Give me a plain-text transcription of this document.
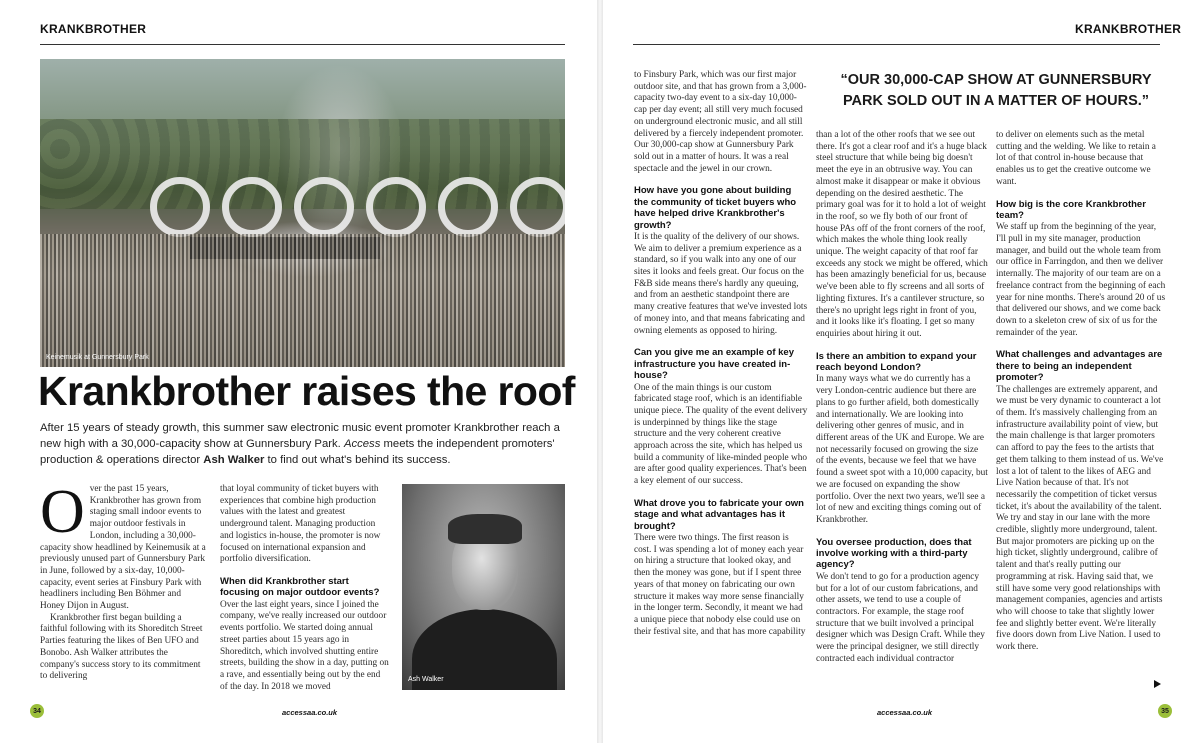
KRANKBROTHER	KRANKBROTHER
Keinemusik at Gunnersbury Park
Krankbrother raises the roof

After 15 years of steady growth, this summer saw electronic music event promoter Krankbrother reach a new high with a 30,000-capacity show at Gunnersbury Park. Access meets the independent promoters' production & operations director Ash Walker to find out what's behind its success.

Over the past 15 years, Krankbrother has grown from staging small indoor events to major outdoor festivals in London, including a 30,000-capacity show headlined by Keinemusik at a previously unused part of Gunnersbury Park in June, followed by a six-day, 10,000-capacity, event series at Finsbury Park with headliners including Ben Böhmer and Honey Dijon in August.

Krankbrother first began building a faithful following with its Shoreditch Street Parties featuring the likes of Ben UFO and Bonobo. Ash Walker attributes the company's success story to its commitment to delivering

that loyal community of ticket buyers with experiences that combine high production values with the latest and greatest underground talent. Managing production and logistics in-house, the promoter is now focused on international expansion and portfolio diversification.

When did Krankbrother start focusing on major outdoor events?

Over the last eight years, since I joined the company, we've really increased our outdoor events portfolio. We started doing annual street parties about 15 years ago in Shoreditch, which involved shutting entire streets, building the show in a day, putting on a rave, and essentially being out by the end of the day. In 2018 we moved

Ash Walker

to Finsbury Park, which was our first major outdoor site, and that has grown from a 3,000-capacity two-day event to a six-day 10,000-cap per day event; all still very much focused on underground electronic music, and all still delivered by a fiercely independent promoter. Our 30,000-cap show at Gunnersbury Park sold out in a matter of hours. It was a real spectacle and the jewel in our crown.

How have you gone about building the community of ticket buyers who have helped drive Krankbrother's growth?

It is the quality of the delivery of our shows. We aim to deliver a premium experience as a standard, so if you walk into any one of our sites it looks and feels great. Our focus on the F&B side means there's hardly any queuing, and from an aesthetic standpoint there are many creative features that we've invested lots of money into, and that means fabricating and owning elements as opposed to hiring.

Can you give me an example of key infrastructure you have created in-house?

One of the main things is our custom fabricated stage roof, which is an identifiable unique piece. The quality of the event delivery is underpinned by things like the stage structure and the very coherent creative approach across the site, which has helped us build a community of like-minded people who are after good quality experiences. That's been a key element of our success.

What drove you to fabricate your own stage and what advantages has it brought?

There were two things. The first reason is cost. I was spending a lot of money each year on hiring a structure that looked okay, and then the money was gone, but if I spent three years of that money on fabricating our own structure it makes way more sense financially in the longer term. Secondly, it meant we had a unique piece that nobody else could use on their festival site, and that has more capability

“OUR 30,000-CAP SHOW AT GUNNERSBURY PARK SOLD OUT IN A MATTER OF HOURS.”

than a lot of the other roofs that we see out there. It's got a clear roof and it's a huge black steel structure that while being big doesn't meet the eye in an obtrusive way. You can almost make it disappear or make it obvious depending on the desired aesthetic. The primary goal was for it to hold a lot of weight in the roof, so we fly both of our front of house PAs off of the front corners of the roof, which makes the whole thing look really unique. The weight capacity of that roof far exceeds any stock we might be offered, which has been amazingly beneficial for us, because we've been able to fly screens and all sorts of lighting fixtures. It's a cantilever structure, so there's no upright legs right in front of you, and it looks like it's floating. I get so many enquiries about hiring it out.

Is there an ambition to expand your reach beyond London?

In many ways what we do currently has a very London-centric audience but there are plans to go further afield, both domestically and internationally. We are looking into delivering other genres of music, and in different areas of the UK and Europe. We are not necessarily focused on growing the size of the events, because we feel that we have found a sweet spot with a 10,000 capacity, but we are focused on expanding the show portfolio. Over the next two years, we'll see a lot of new and exciting things coming out of Krankbrother.

You oversee production, does that involve working with a third-party agency?

We don't tend to go for a production agency but for a lot of our custom fabrications, and other assets, we tend to use a couple of contractors. For example, the stage roof structure that we built involved a principal designer which was Design Craft. While they were the principal designer, we still directly contracted each individual contractor

to deliver on elements such as the metal cutting and the welding. We like to retain a lot of that control in-house because that enables us to get the creative outcome we want.

How big is the core Krankbrother team?

We staff up from the beginning of the year, I'll pull in my site manager, production manager, and build out the whole team from our office in Farringdon, and then we deliver internally. The majority of our team are on a freelance contract from the beginning of each year for nine months. There's around 20 of us that delivered our shows, and we come back down to a skeleton crew of six of us for the remainder of the year.

What challenges and advantages are there to being an independent promoter?

The challenges are extremely apparent, and we must be very dynamic to counteract a lot of them. It's massively challenging from an infrastructure availability point of view, but the main challenge is that larger promoters can afford to pay the fees to the artists that get them talking to them instead of us. We've lost a lot of talent to the likes of AEG and Live Nation because of that. It's not necessarily the competition of ticket versus ticket, it's about the availability of the talent. We try and stay in our lane with the more credible, slightly more underground, talent. But major promoters are picking up on the high ticket, slightly underground, calibre of talent and that's really putting our programming at risk. Having said that, we still have some very good relationships with management companies, agencies and artists who will choose to take that slightly lower fee and slightly better event. We're literally five doors down from Live Nation. I used to work there.

34	accessaa.co.uk	accessaa.co.uk	35
